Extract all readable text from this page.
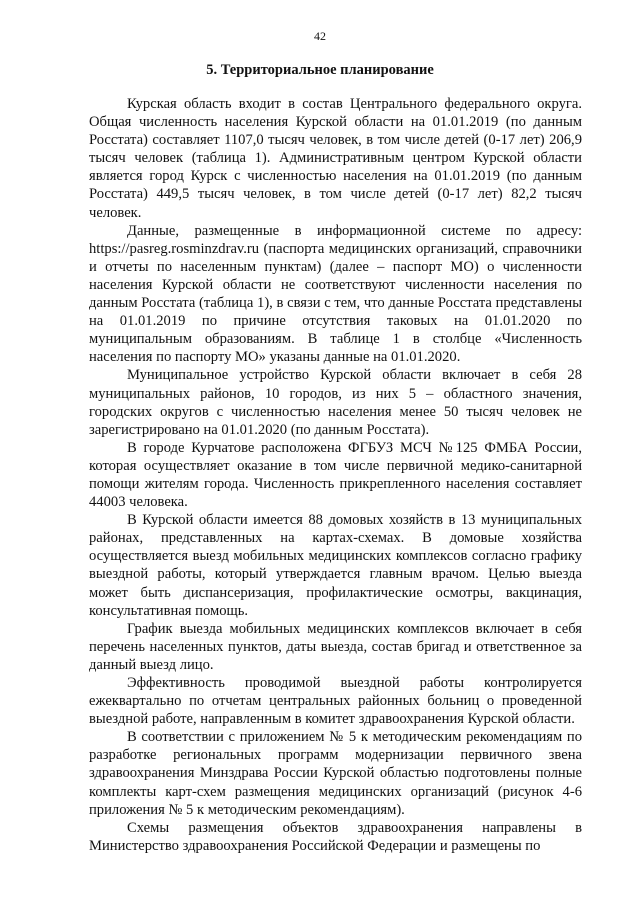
42
5. Территориальное планирование

Курская область входит в состав Центрального федерального округа. Общая численность населения Курской области на 01.01.2019 (по данным Росстата) составляет 1107,0 тысяч человек, в том числе детей (0-17 лет) 206,9 тысяч человек (таблица 1). Административным центром Курской области является город Курск с численностью населения на 01.01.2019 (по данным Росстата) 449,5 тысяч человек, в том числе детей (0-17 лет) 82,2 тысяч человек.

Данные, размещенные в информационной системе по адресу: https://pasreg.rosminzdrav.ru (паспорта медицинских организаций, справочники и отчеты по населенным пунктам) (далее – паспорт МО) о численности населения Курской области не соответствуют численности населения по данным Росстата (таблица 1), в связи с тем, что данные Росстата представлены на 01.01.2019 по причине отсутствия таковых на 01.01.2020 по муниципальным образованиям. В таблице 1 в столбце «Численность населения по паспорту МО» указаны данные на 01.01.2020.

Муниципальное устройство Курской области включает в себя 28 муниципальных районов, 10 городов, из них 5 – областного значения, городских округов с численностью населения менее 50 тысяч человек не зарегистрировано на 01.01.2020 (по данным Росстата).

В городе Курчатове расположена ФГБУЗ МСЧ №125 ФМБА России, которая осуществляет оказание в том числе первичной медико-санитарной помощи жителям города. Численность прикрепленного населения составляет 44003 человека.

В Курской области имеется 88 домовых хозяйств в 13 муниципальных районах, представленных на картах-схемах. В домовые хозяйства осуществляется выезд мобильных медицинских комплексов согласно графику выездной работы, который утверждается главным врачом. Целью выезда может быть диспансеризация, профилактические осмотры, вакцинация, консультативная помощь.

График выезда мобильных медицинских комплексов включает в себя перечень населенных пунктов, даты выезда, состав бригад и ответственное за данный выезд лицо.

Эффективность проводимой выездной работы контролируется ежеквартально по отчетам центральных районных больниц о проведенной выездной работе, направленным в комитет здравоохранения Курской области.

В соответствии с приложением № 5 к методическим рекомендациям по разработке региональных программ модернизации первичного звена здравоохранения Минздрава России Курской областью подготовлены полные комплекты карт-схем размещения медицинских организаций (рисунок 4-6 приложения № 5 к методическим рекомендациям).

Схемы размещения объектов здравоохранения направлены в Министерство здравоохранения Российской Федерации и размещены по
